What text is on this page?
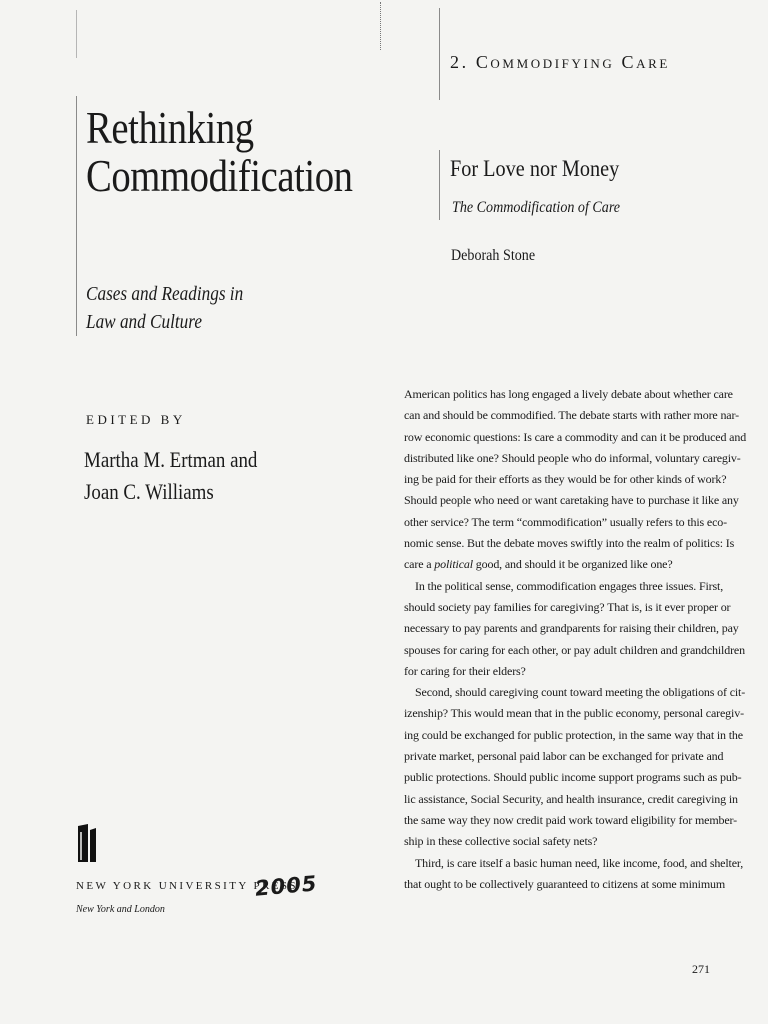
Rethinking
Commodification
Cases and Readings in
Law and Culture
EDITED BY
Martha M. Ertman and
Joan C. Williams
NEW YORK UNIVERSITY PRESS
2005
New York and London
2. COMMODIFYING CARE
For Love nor Money
The Commodification of Care
Deborah Stone
American politics has long engaged a lively debate about whether care
can and should be commodified. The debate starts with rather more nar-
row economic questions: Is care a commodity and can it be produced and
distributed like one? Should people who do informal, voluntary caregiv-
ing be paid for their efforts as they would be for other kinds of work?
Should people who need or want caretaking have to purchase it like any
other service? The term “commodification” usually refers to this eco-
nomic sense. But the debate moves swiftly into the realm of politics: Is
care a political good, and should it be organized like one?
In the political sense, commodification engages three issues. First,
should society pay families for caregiving? That is, is it ever proper or
necessary to pay parents and grandparents for raising their children, pay
spouses for caring for each other, or pay adult children and grandchildren
for caring for their elders?
Second, should caregiving count toward meeting the obligations of cit-
izenship? This would mean that in the public economy, personal caregiv-
ing could be exchanged for public protection, in the same way that in the
private market, personal paid labor can be exchanged for private and
public protections. Should public income support programs such as pub-
lic assistance, Social Security, and health insurance, credit caregiving in
the same way they now credit paid work toward eligibility for member-
ship in these collective social safety nets?
Third, is care itself a basic human need, like income, food, and shelter,
that ought to be collectively guaranteed to citizens at some minimum
271
